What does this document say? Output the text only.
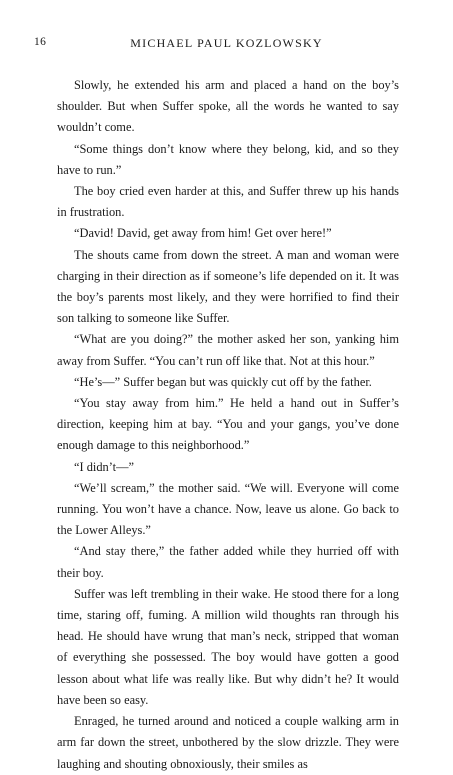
16	MICHAEL PAUL KOZLOWSKY

Slowly, he extended his arm and placed a hand on the boy’s shoulder. But when Suffer spoke, all the words he wanted to say wouldn’t come.

“Some things don’t know where they belong, kid, and so they have to run.”

The boy cried even harder at this, and Suffer threw up his hands in frustration.

“David! David, get away from him! Get over here!”

The shouts came from down the street. A man and woman were charging in their direction as if someone’s life depended on it. It was the boy’s parents most likely, and they were horrified to find their son talking to someone like Suffer.

“What are you doing?” the mother asked her son, yanking him away from Suffer. “You can’t run off like that. Not at this hour.”

“He’s—” Suffer began but was quickly cut off by the father.

“You stay away from him.” He held a hand out in Suffer’s direction, keeping him at bay. “You and your gangs, you’ve done enough damage to this neighborhood.”

“I didn’t—”

“We’ll scream,” the mother said. “We will. Everyone will come running. You won’t have a chance. Now, leave us alone. Go back to the Lower Alleys.”

“And stay there,” the father added while they hurried off with their boy.

Suffer was left trembling in their wake. He stood there for a long time, staring off, fuming. A million wild thoughts ran through his head. He should have wrung that man’s neck, stripped that woman of everything she possessed. The boy would have gotten a good lesson about what life was really like. But why didn’t he? It would have been so easy.

Enraged, he turned around and noticed a couple walking arm in arm far down the street, unbothered by the slow drizzle. They were laughing and shouting obnoxiously, their smiles as
